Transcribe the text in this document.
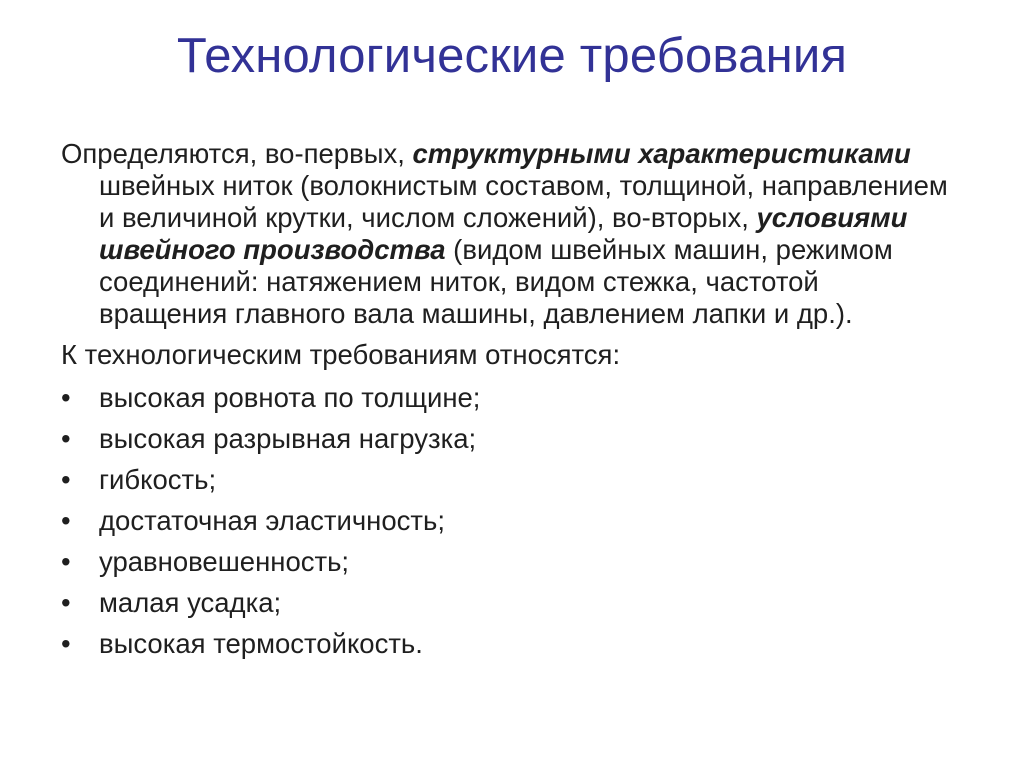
Технологические требования

Определяются, во-первых, структурными характеристиками швейных ниток (волокнистым составом, толщиной, направлением и величиной крутки, числом сложений), во-вторых, условиями швейного производства (видом швейных машин, режимом соединений: натяжением ниток, видом стежка, частотой вращения главного вала машины, давлением лапки и др.).

К технологическим требованиям относятся:
•	высокая ровнота по толщине;
•	высокая разрывная нагрузка;
•	гибкость;
•	достаточная эластичность;
•	уравновешенность;
•	малая усадка;
•	высокая термостойкость.
